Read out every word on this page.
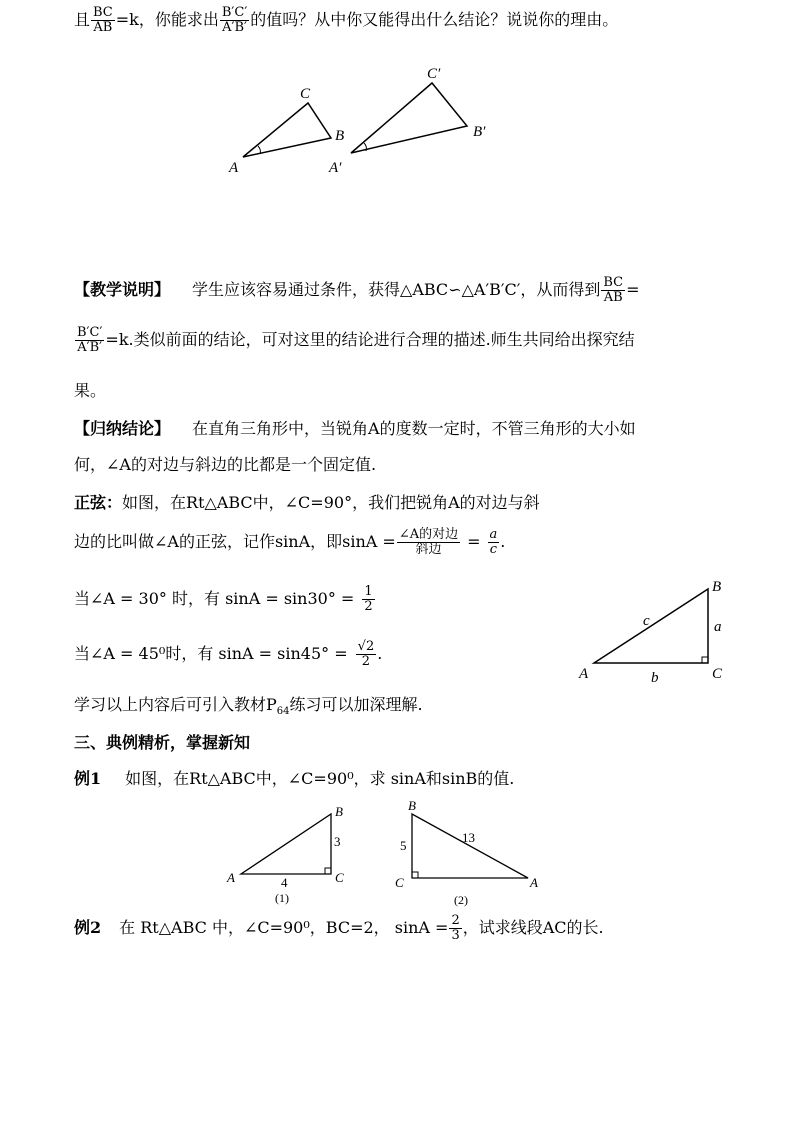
且 $\frac{BC}{AB} =k$，你能求出 $\frac{B'C'}{A'B'}$ 的值吗？从中你又能得出什么结论？说说你的理由。
A
C
B
A′
C′
B′
【教学说明】 学生应该容易通过条件，获得△ABC∽△A′B′C′，从而得到 $\frac{BC}{AB}$ =
$\frac{B'C'}{A'B'} =k$.类似前面的结论，可对这里的结论进行合理的描述.师生共同给出探究结
果。
【归纳结论】 在直角三角形中，当锐角A的度数一定时，不管三角形的大小如
何，∠A的对边与斜边的比都是一个固定值.
正弦：如图，在Rt△ABC中，∠C=90°，我们把锐角A的对边与斜
边的比叫做∠A的正弦，记作sinA，即$\sin A = \frac{\text{∠A的对边}}{\text{斜边}} = \frac{a}{c}$ .
当∠A = 30° 时，有 $\sin A = \sin 30^\circ = \frac{1}{2}$
当∠A = 45⁰时，有 $\sin A = \sin 45^\circ = \frac{√2}{2}$ .
A
B
C
c	a
b
学习以上内容后可引入教材$P_{64}$练习可以加深理解.
三、典例精析，掌握新知
例1 如图，在Rt△ABC中，∠C=90⁰，求 sinA和sinB的值.
A
B
C
3
4
(1)
B
C	A
5
13
(2)
例2 在 Rt△ABC 中，∠C=90⁰，BC=2， $\sin A = \frac{2}{3}$ ，试求线段AC的长.
